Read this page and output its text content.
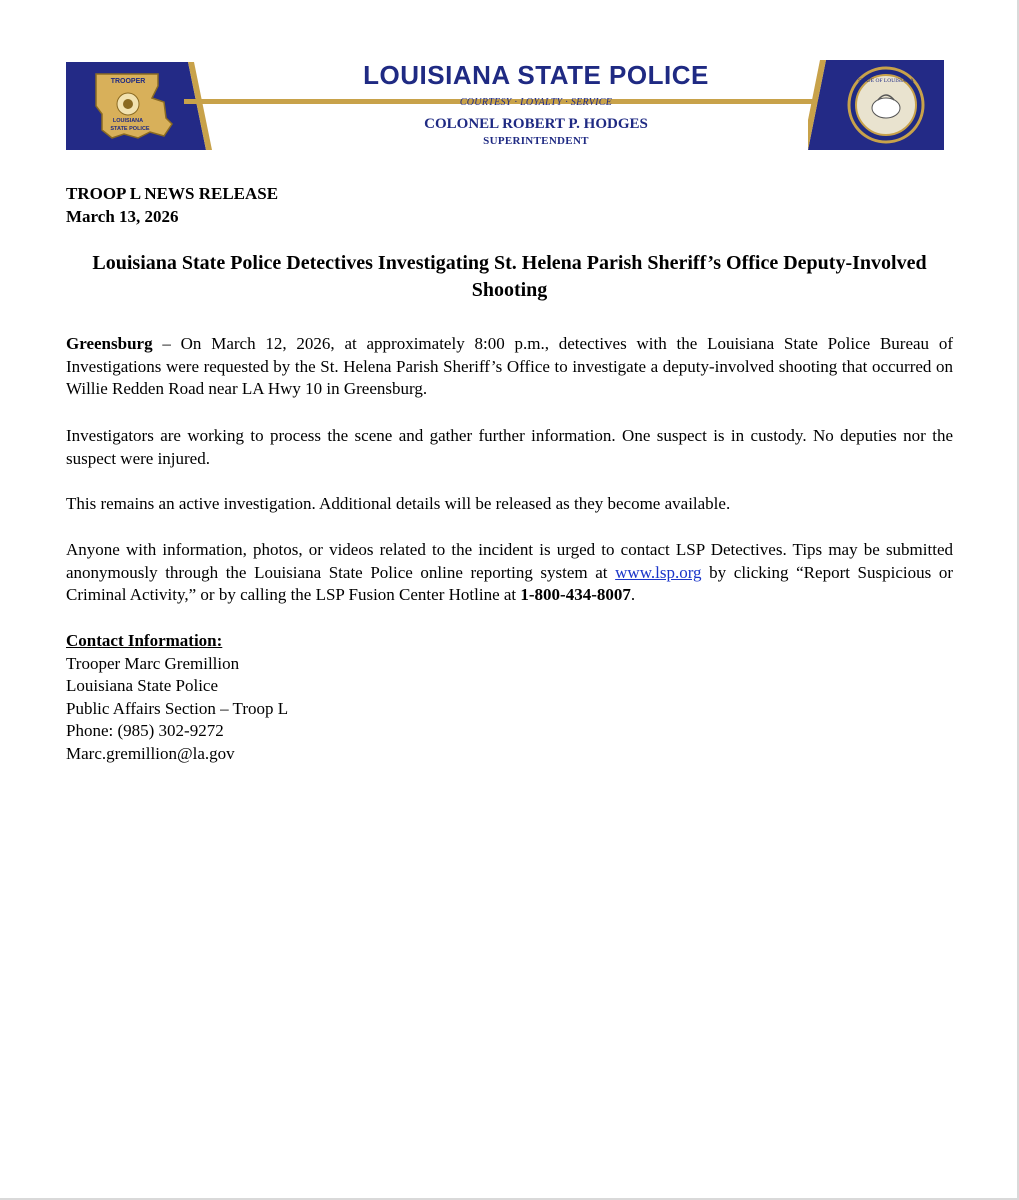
TROOPER
LOUISIANA
STATE POLICE
STATE OF LOUISIANA
LOUISIANA STATE POLICE
COURTESY · LOYALTY · SERVICE
COLONEL ROBERT P. HODGES
SUPERINTENDENT
TROOP L NEWS RELEASE
March 13, 2026
Louisiana State Police Detectives Investigating St. Helena Parish Sheriff’s Office Deputy-Involved Shooting
Greensburg – On March 12, 2026, at approximately 8:00 p.m., detectives with the Louisiana State Police Bureau of Investigations were requested by the St. Helena Parish Sheriff’s Office to investigate a deputy-involved shooting that occurred on Willie Redden Road near LA Hwy 10 in Greensburg.
Investigators are working to process the scene and gather further information. One suspect is in custody. No deputies nor the suspect were injured.
This remains an active investigation. Additional details will be released as they become available.
Anyone with information, photos, or videos related to the incident is urged to contact LSP Detectives. Tips may be submitted anonymously through the Louisiana State Police online reporting system at www.lsp.org by clicking “Report Suspicious or Criminal Activity,” or by calling the LSP Fusion Center Hotline at 1-800-434-8007.
Contact Information:
Trooper Marc Gremillion
Louisiana State Police
Public Affairs Section – Troop L
Phone: (985) 302-9272
Marc.gremillion@la.gov
